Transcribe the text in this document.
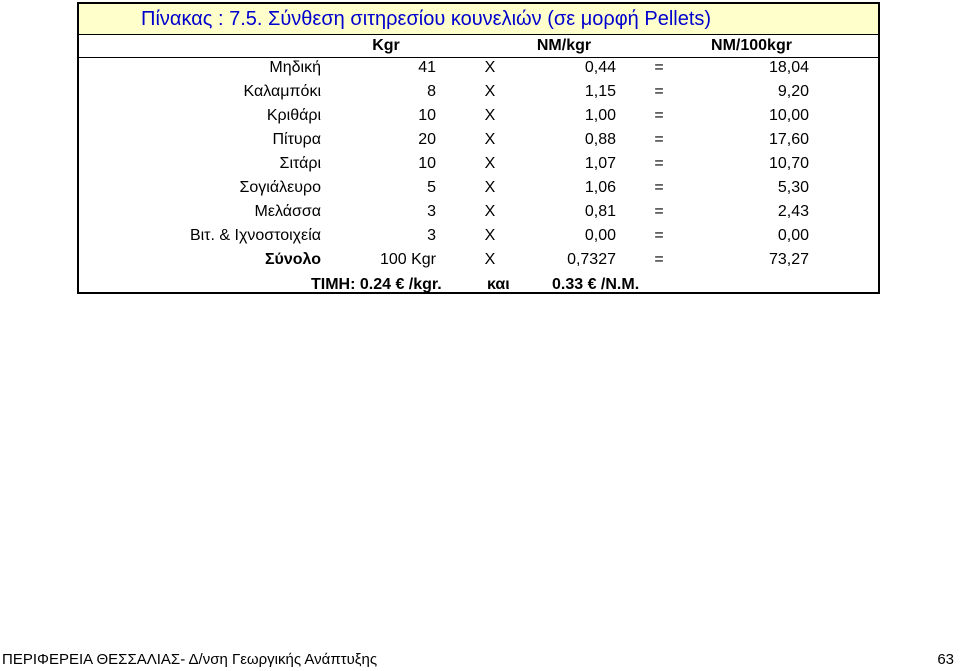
Πίνακας : 7.5. Σύνθεση σιτηρεσίου κουνελιών (σε μορφή Pellets)
Kgr	NM/kgr	NM/100kgr
Μηδική	41	X	0,44	=	18,04
Καλαμπόκι	8	X	1,15	=	9,20
Κριθάρι	10	X	1,00	=	10,00
Πίτυρα	20	X	0,88	=	17,60
Σιτάρι	10	X	1,07	=	10,70
Σογιάλευρο	5	X	1,06	=	5,30
Μελάσσα	3	X	0,81	=	2,43
Βιτ. & Ιχνοστοιχεία	3	X	0,00	=	0,00
Σύνολο	100 Kgr	X	0,7327	=	73,27
ΤΙΜΗ: 0.24 € /kgr.	και	0.33 € /N.M.
ΠΕΡΙΦΕΡΕΙΑ ΘΕΣΣΑΛΙΑΣ- Δ/νση Γεωργικής Ανάπτυξης	63
